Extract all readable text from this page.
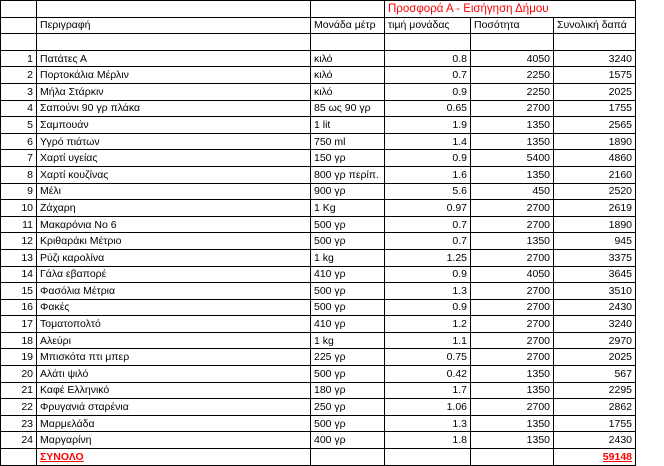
			Προσφορά Α - Εισήγηση Δήμου		
	Περιγραφή	Μονάδα μέτρ	τιμή μονάδας	Ποσότητα	Συνολική δαπά

1	Πατάτες Α	κιλό	0.8	4050	3240
2	Πορτοκάλια Μέρλιν	κιλό	0.7	2250	1575
3	Μήλα Στάρκιν	κιλό	0.9	2250	2025
4	Σαπούνι 90 γρ πλάκα	85 ως 90 γρ	0.65	2700	1755
5	Σαμπουάν	1 lit	1.9	1350	2565
6	Υγρό πιάτων	750 ml	1.4	1350	1890
7	Χαρτί υγείας	150 γρ	0.9	5400	4860
8	Χαρτί κουζίνας	800 γρ περίπ.	1.6	1350	2160
9	Μέλι	900 γρ	5.6	450	2520
10	Ζάχαρη	1 Kg	0.97	2700	2619
11	Μακαρόνια Νο 6	500 γρ	0.7	2700	1890
12	Κριθαράκι Μέτριο	500 γρ	0.7	1350	945
13	Ρύζι καρολίνα	1 kg	1.25	2700	3375
14	Γάλα εβαπορέ	410 γρ	0.9	4050	3645
15	Φασόλια Μέτρια	500 γρ	1.3	2700	3510
16	Φακές	500 γρ	0.9	2700	2430
17	Τοματοπολτό	410 γρ	1.2	2700	3240
18	Αλεύρι	1 kg	1.1	2700	2970
19	Μπισκότα πτι μπερ	225 γρ	0.75	2700	2025
20	Αλάτι ψιλό	500 γρ	0.42	1350	567
21	Καφέ Ελληνικό	180 γρ	1.7	1350	2295
22	Φρυγανιά σταρένια	250 γρ	1.06	2700	2862
23	Μαρμελάδα	500 γρ	1.3	1350	1755
24	Μαργαρίνη	400 γρ	1.8	1350	2430
	ΣΥΝΟΛΟ				59148
